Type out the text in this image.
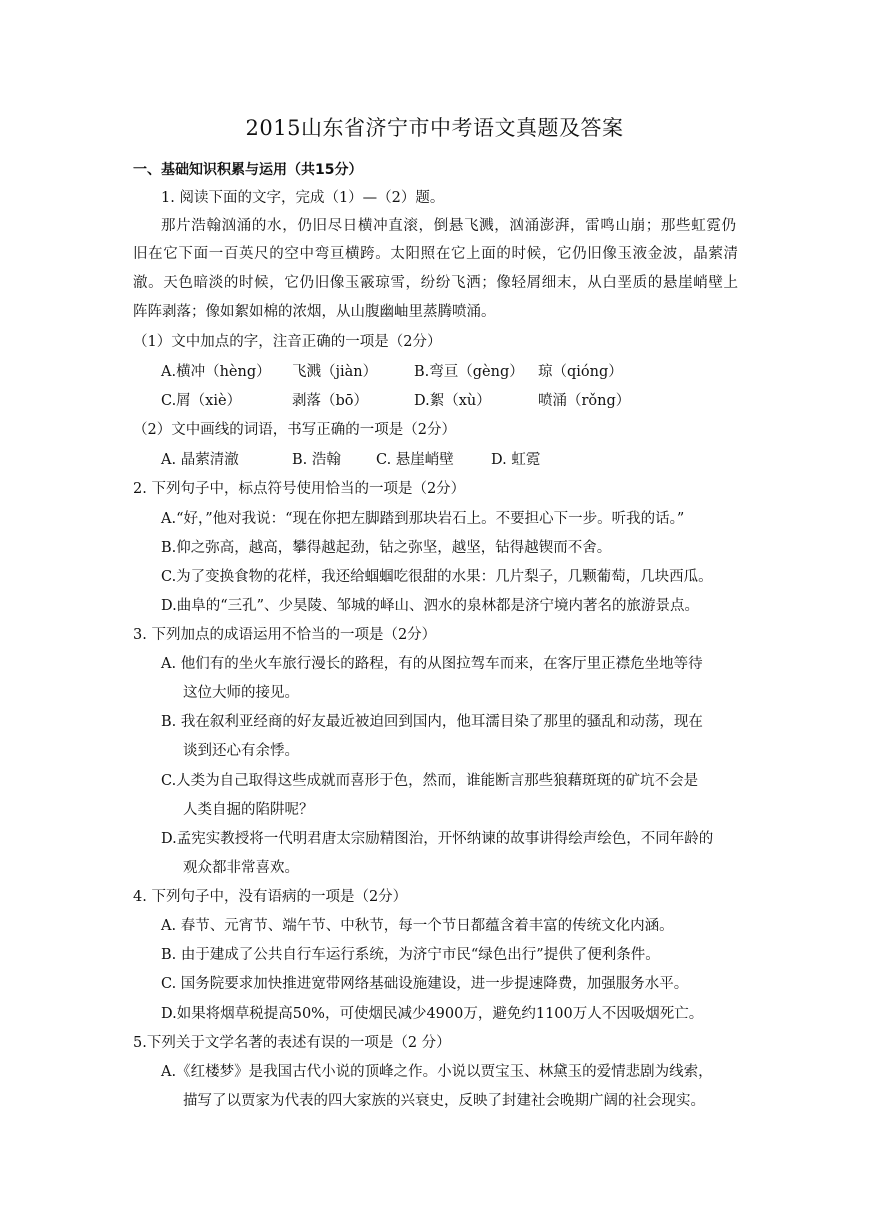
2015山东省济宁市中考语文真题及答案
一、基础知识积累与运用（共15分）
1. 阅读下面的文字，完成（1）—（2）题。
那片浩翰汹涌的水，仍旧尽日横冲直滚，倒悬飞溅，汹涌澎湃，雷鸣山崩；那些虹霓仍
旧在它下面一百英尺的空中弯亘横跨。太阳照在它上面的时候，它仍旧像玉液金波，晶萦清
澈。天色暗淡的时候，它仍旧像玉霰琼雪，纷纷飞洒；像轻屑细末，从白垩质的悬崖峭壁上
阵阵剥落；像如絮如棉的浓烟，从山腹幽岫里蒸腾喷涌。
（1）文中加点的字，注音正确的一项是（2分）
A.横冲（hèng） 飞溅（jiàn）	B.弯亘（gèng） 琼（qióng）
C.屑（xiè）	剥落（bō）	D.絮（xù）	喷涌（rǒng）
（2）文中画线的词语，书写正确的一项是（2分）
A. 晶萦清澈	B. 浩翰 C. 悬崖峭壁	D. 虹霓
2. 下列句子中，标点符号使用恰当的一项是（2分）
A.“好，”他对我说：“现在你把左脚踏到那块岩石上。不要担心下一步。听我的话。”
B.仰之弥高，越高，攀得越起劲，钻之弥坚，越坚，钻得越锲而不舍。
C.为了变换食物的花样，我还给蝈蝈吃很甜的水果：几片梨子，几颗葡萄，几块西瓜。
D.曲阜的“三孔”、少昊陵、邹城的峄山、泗水的泉林都是济宁境内著名的旅游景点。
3. 下列加点的成语运用不恰当的一项是（2分）
A. 他们有的坐火车旅行漫长的路程，有的从图拉驾车而来，在客厅里正襟危坐地等待
这位大师的接见。
B. 我在叙利亚经商的好友最近被迫回到国内，他耳濡目染了那里的骚乱和动荡，现在
谈到还心有余悸。
C.人类为自己取得这些成就而喜形于色，然而，谁能断言那些狼藉斑斑的矿坑不会是
人类自掘的陷阱呢？
D.孟宪实教授将一代明君唐太宗励精图治，开怀纳谏的故事讲得绘声绘色，不同年龄的
观众都非常喜欢。
4. 下列句子中，没有语病的一项是（2分）
A. 春节、元宵节、端午节、中秋节，每一个节日都蕴含着丰富的传统文化内涵。
B. 由于建成了公共自行车运行系统，为济宁市民“绿色出行”提供了便利条件。
C. 国务院要求加快推进宽带网络基础设施建设，进一步提速降费，加强服务水平。
D.如果将烟草税提高50%，可使烟民减少4900万，避免约1100万人不因吸烟死亡。
5.下列关于文学名著的表述有误的一项是（2 分）
A.《红楼梦》是我国古代小说的顶峰之作。小说以贾宝玉、林黛玉的爱情悲剧为线索，
描写了以贾家为代表的四大家族的兴衰史，反映了封建社会晚期广阔的社会现实。
